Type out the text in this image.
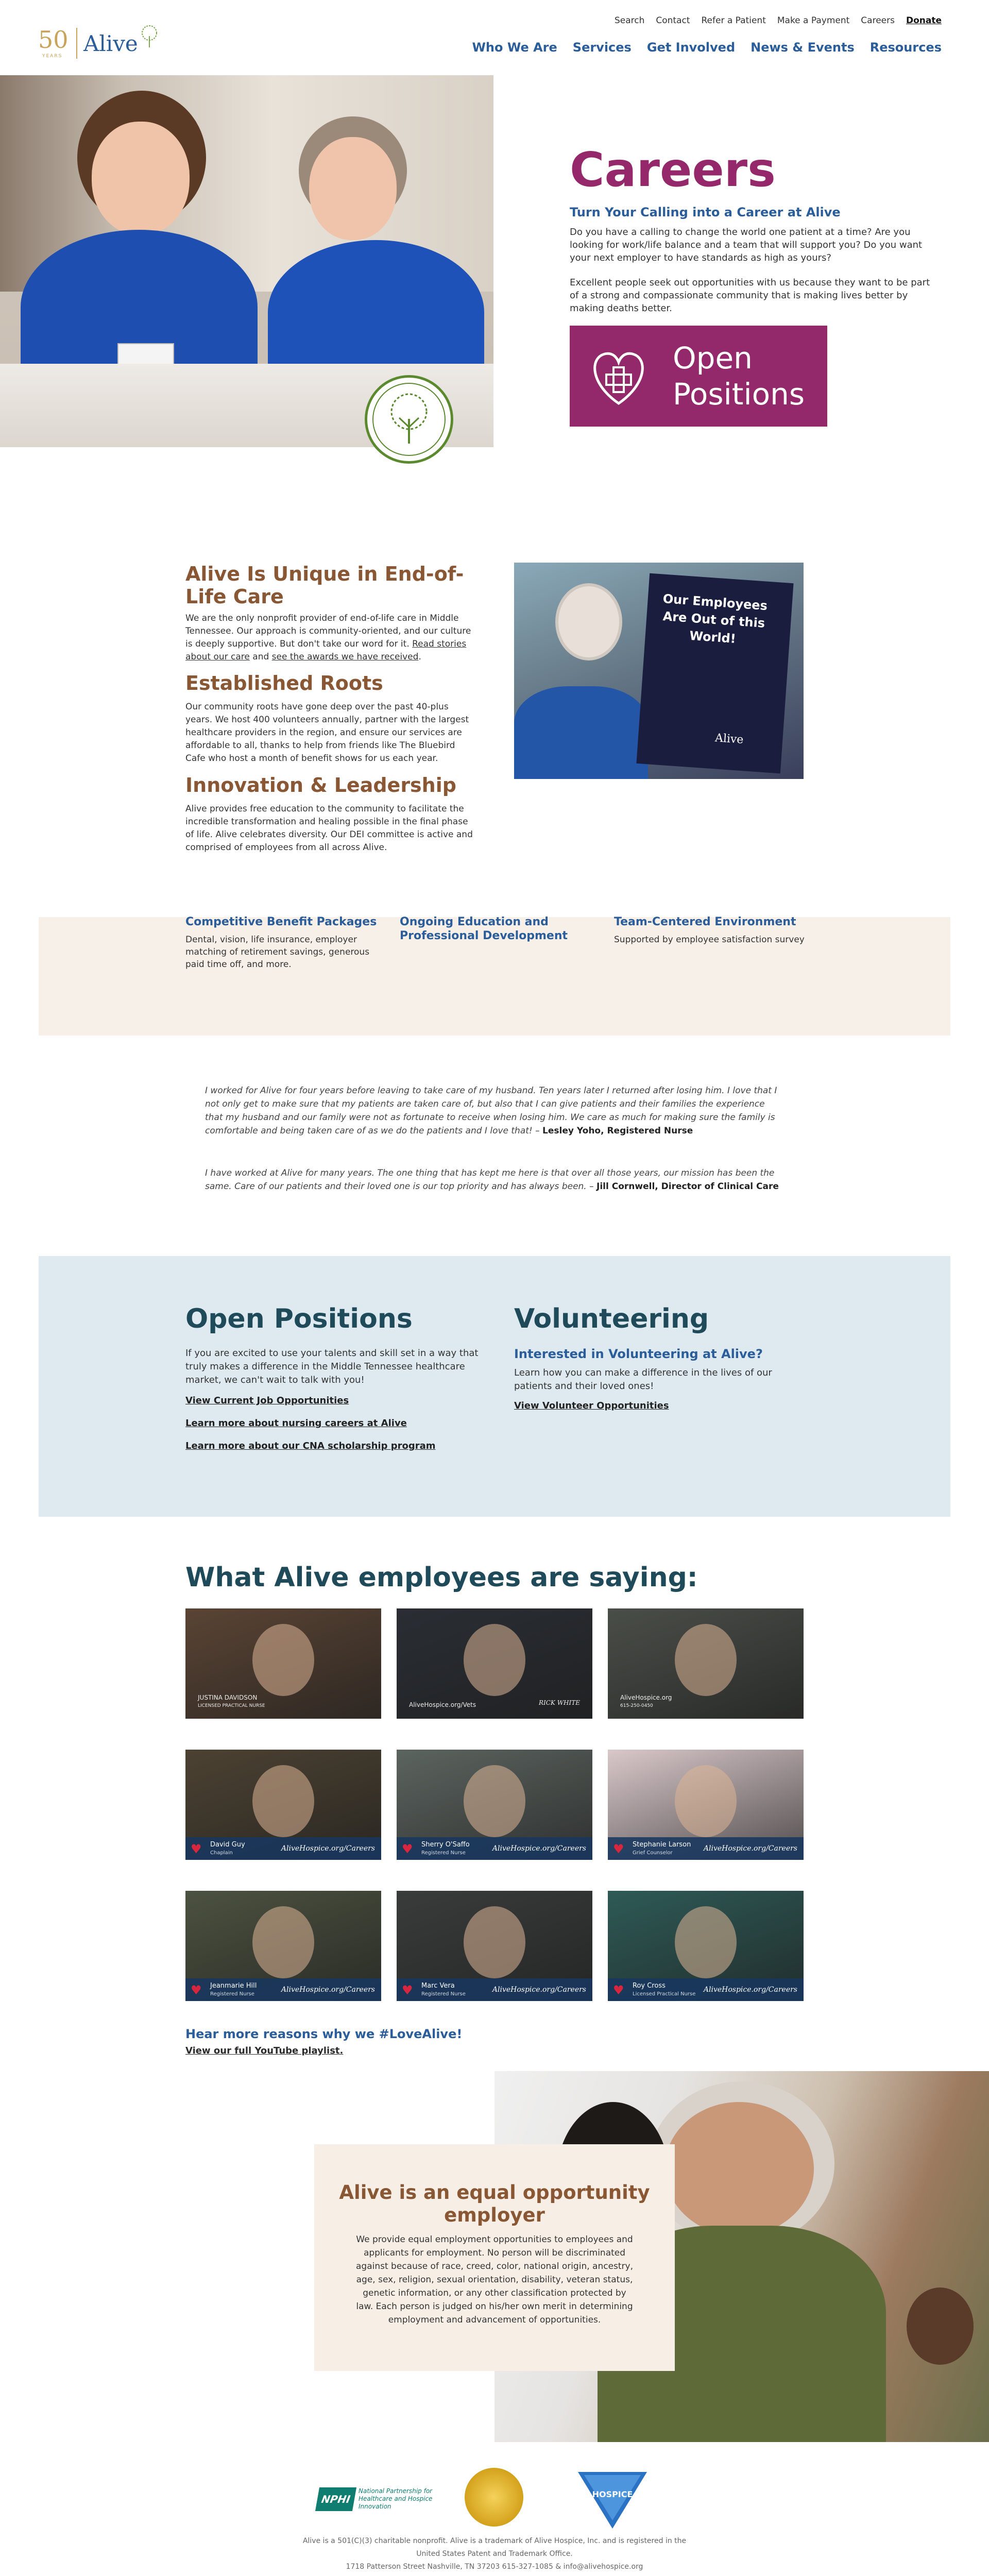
Search Contact Refer a Patient Make a Payment Careers Donate
50
YEARS Alive	Who We Are Services Get Involved News & Events Resources
Careers
Turn Your Calling into a Career at Alive

Do you have a calling to change the world one patient at a time? Are you looking for work/life balance and a team that will support you? Do you want your next employer to have standards as high as yours?

Excellent people seek out opportunities with us because they want to be part of a strong and compassionate community that is making lives better by making deaths better.

Open
Positions
Alive Is Unique in End-of-Life Care

We are the only nonprofit provider of end-of-life care in Middle Tennessee. Our approach is community-oriented, and our culture is deeply supportive. But don't take our word for it. Read stories about our care and see the awards we have received.

Established Roots

Our community roots have gone deep over the past 40-plus years. We host 400 volunteers annually, partner with the largest healthcare providers in the region, and ensure our services are affordable to all, thanks to help from friends like The Bluebird Cafe who host a month of benefit shows for us each year.

Innovation & Leadership

Alive provides free education to the community to facilitate the incredible transformation and healing possible in the final phase of life. Alive celebrates diversity. Our DEI committee is active and comprised of employees from all across Alive.

Our Employees Are Out of this World!
Alive
Competitive Benefit Packages

Dental, vision, life insurance, employer matching of retirement savings, generous paid time off, and more.

Ongoing Education and Professional Development
Team-Centered Environment

Supported by employee satisfaction survey

I worked for Alive for four years before leaving to take care of my husband. Ten years later I returned after losing him. I love that I not only get to make sure that my patients are taken care of, but also that I can give patients and their families the experience that my husband and our family were not as fortunate to receive when losing him. We care as much for making sure the family is comfortable and being taken care of as we do the patients and I love that! – Lesley Yoho, Registered Nurse

I have worked at Alive for many years. The one thing that has kept me here is that over all those years, our mission has been the same. Care of our patients and their loved one is our top priority and has always been. – Jill Cornwell, Director of Clinical Care

Open Positions

If you are excited to use your talents and skill set in a way that truly makes a difference in the Middle Tennessee healthcare market, we can't wait to talk with you!

View Current Job Opportunities
Learn more about nursing careers at Alive
Learn more about our CNA scholarship program
Volunteering
Interested in Volunteering at Alive?

Learn how you can make a difference in the lives of our patients and their loved ones!

View Volunteer Opportunities
What Alive employees are saying:
JUSTINA DAVIDSON
LICENSED PRACTICAL NURSE	AliveHospice.org/Vets	RICK WHITE
AliveHospice.org
615-250-0450
♥ David Guy
Chaplain	AliveHospice.org/Careers ♥ Sherry O'Saffo
Registered Nurse	AliveHospice.org/Careers ♥ Stephanie Larson
Grief Counselor	AliveHospice.org/Careers
♥ Jeanmarie Hill
Registered Nurse	AliveHospice.org/Careers ♥ Marc Vera
Registered Nurse	AliveHospice.org/Careers ♥ Roy Cross
Licensed Practical Nurse AliveHospice.org/Careers
Hear more reasons why we #LoveAlive!
View our full YouTube playlist.
Alive is an equal opportunity employer

We provide equal employment opportunities to employees and applicants for employment. No person will be discriminated against because of race, creed, color, national origin, ancestry, age, sex, religion, sexual orientation, disability, veteran status, genetic information, or any other classification protected by law. Each person is judged on his/her own merit in determining employment and advancement of opportunities.

NPHI
National Partnership for Healthcare and Hospice Innovation
HOSPICE

Alive is a 501(C)(3) charitable nonprofit. Alive is a trademark of Alive Hospice, Inc. and is registered in the

United States Patent and Trademark Office.

1718 Patterson Street Nashville, TN 37203 615-327-1085 & info@alivehospice.org
